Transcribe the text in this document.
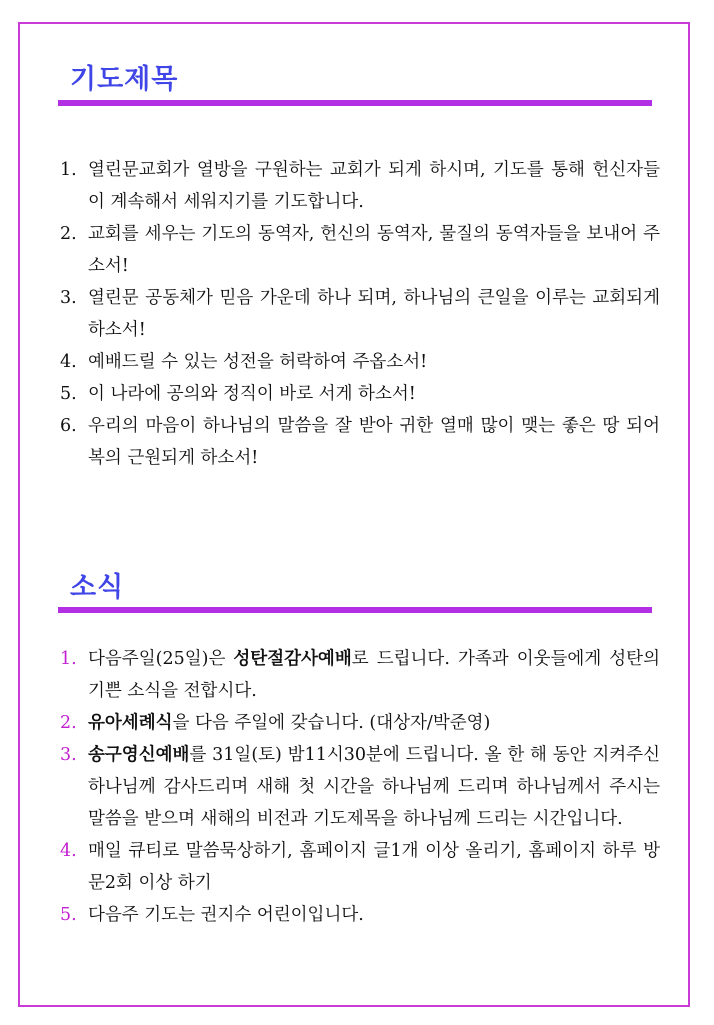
기도제목
1. 열린문교회가 열방을 구원하는 교회가 되게 하시며, 기도를 통해 헌신자들이 계속해서 세워지기를 기도합니다.
2. 교회를 세우는 기도의 동역자, 헌신의 동역자, 물질의 동역자들을 보내어 주소서!
3. 열린문 공동체가 믿음 가운데 하나 되며, 하나님의 큰일을 이루는 교회되게 하소서!
4. 예배드릴 수 있는 성전을 허락하여 주옵소서!
5. 이 나라에 공의와 정직이 바로 서게 하소서!
6. 우리의 마음이 하나님의 말씀을 잘 받아 귀한 열매 많이 맺는 좋은 땅 되어 복의 근원되게 하소서!
소식
1. 다음주일(25일)은 성탄절감사예배로 드립니다. 가족과 이웃들에게 성탄의 기쁜 소식을 전합시다.
2. 유아세례식을 다음 주일에 갖습니다. (대상자/박준영)
3. 송구영신예배를 31일(토) 밤11시30분에 드립니다. 올 한 해 동안 지켜주신 하나님께 감사드리며 새해 첫 시간을 하나님께 드리며 하나님께서 주시는 말씀을 받으며 새해의 비전과 기도제목을 하나님께 드리는 시간입니다.
4. 매일 큐티로 말씀묵상하기, 홈페이지 글1개 이상 올리기, 홈페이지 하루 방문2회 이상 하기
5. 다음주 기도는 권지수 어린이입니다.
